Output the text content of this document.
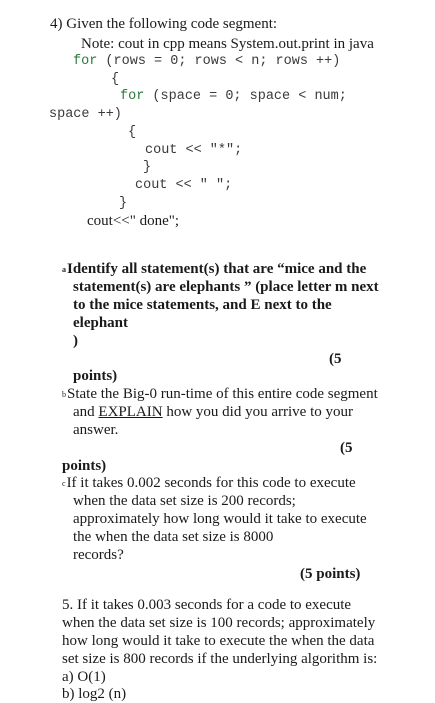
4) Given the following code segment:
Note: cout in cpp means System.out.print in java
for (rows = 0; rows < n; rows ++)
{
for (space = 0; space < num;
space ++)
{
cout << "*";
}
cout << " ";
}
cout<<" done";
aIdentify all statement(s) that are “mice and the
statement(s) are elephants ” (place letter m next
to the mice statements, and E next to the
elephant
)
(5
points)
bState the Big-0 run-time of this entire code segment
and EXPLAIN how you did you arrive to your
answer.
(5
points)
cIf it takes 0.002 seconds for this code to execute
when the data set size is 200 records;
approximately how long would it take to execute
the when the data set size is 8000
records?
(5 points)
5. If it takes 0.003 seconds for a code to execute
when the data set size is 100 records; approximately
how long would it take to execute the when the data
set size is 800 records if the underlying algorithm is:
a) O(1)
b) log2 (n)
